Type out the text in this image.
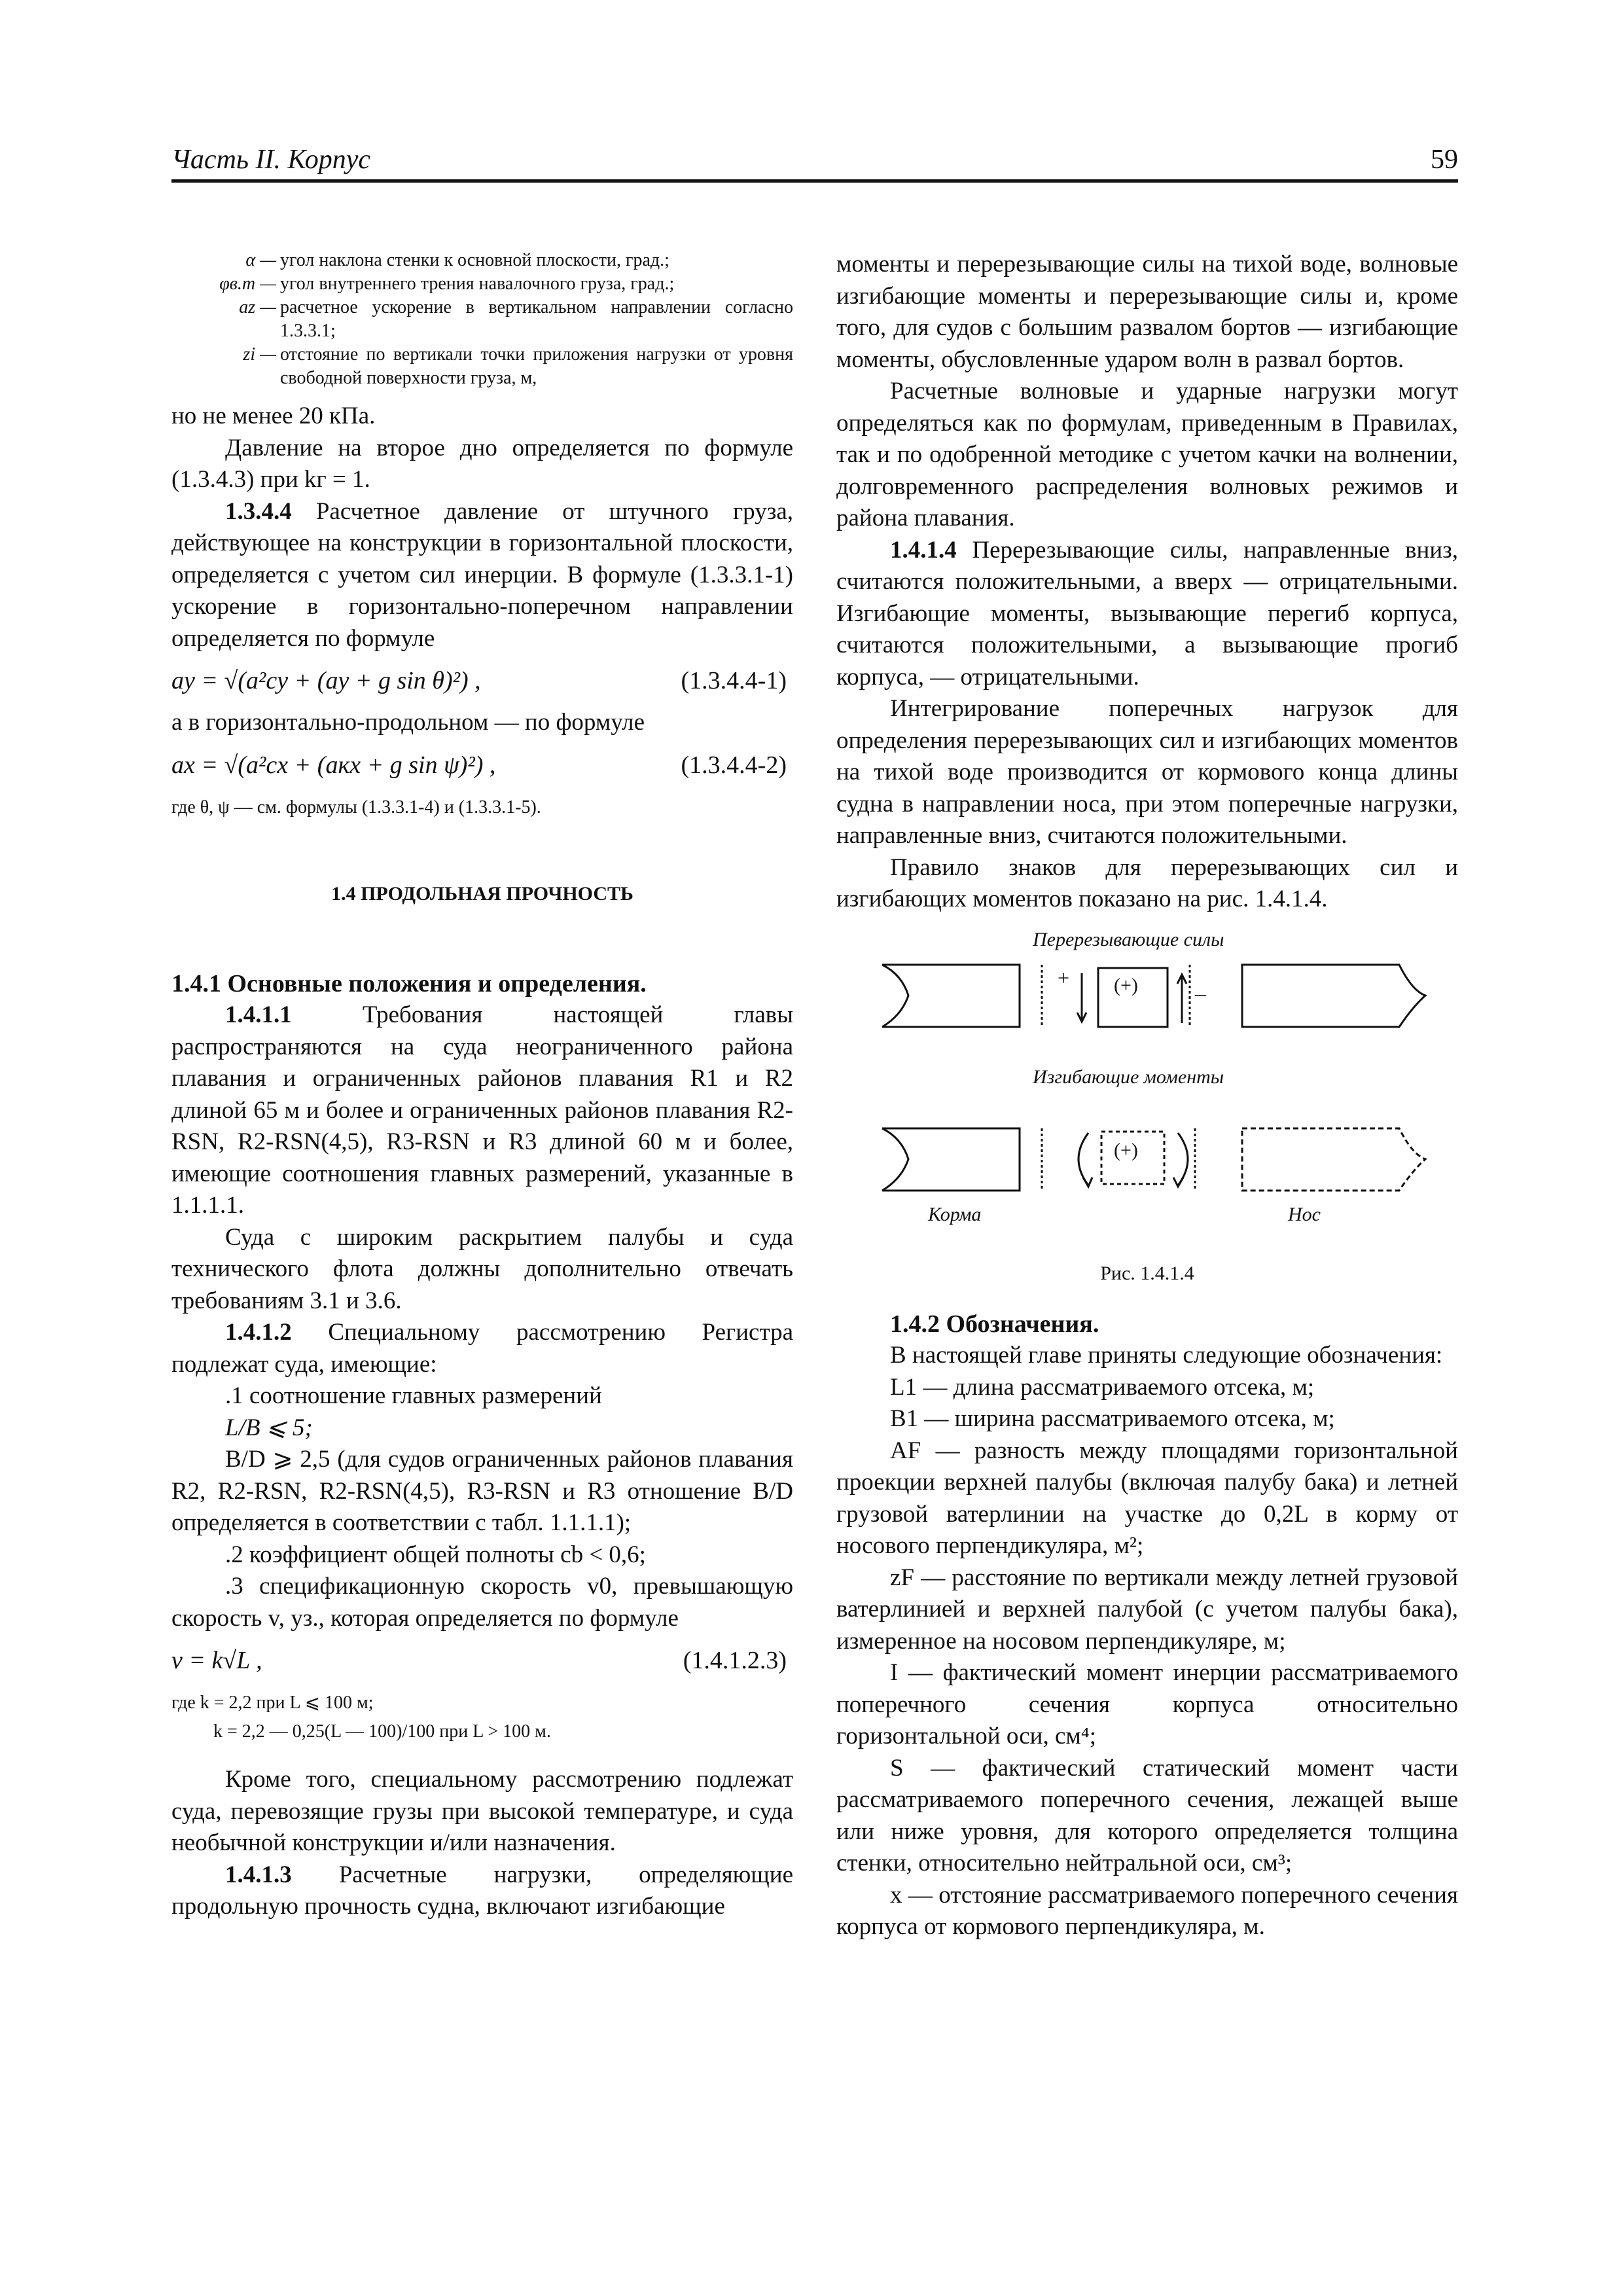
Часть II. Корпус	59
α — угол наклона стенки к основной плоскости, град.;
φв.т — угол внутреннего трения навалочного груза, град.;
az — расчетное ускорение в вертикальном направлении согласно 1.3.3.1;
zi — отстояние по вертикали точки приложения нагрузки от уровня свободной поверхности груза, м,

но не менее 20 кПа.

Давление на второе дно определяется по формуле (1.3.4.3) при kг = 1.

1.3.4.4 Расчетное давление от штучного груза, действующее на конструкции в горизонтальной плоскости, определяется с учетом сил инерции. В формуле (1.3.3.1-1) ускорение в горизонтально-поперечном направлении определяется по формуле

ay = √(a²cy + (ay + g sin θ)²) ,	(1.3.4.4-1)

а в горизонтально-продольном — по формуле

ax = √(a²cx + (aкx + g sin ψ)²) ,	(1.3.4.4-2)
где θ, ψ — см. формулы (1.3.3.1-4) и (1.3.3.1-5).
1.4 ПРОДОЛЬНАЯ ПРОЧНОСТЬ

1.4.1 Основные положения и определения.

1.4.1.1 Требования настоящей главы распространяются на суда неограниченного района плавания и ограниченных районов плавания R1 и R2 длиной 65 м и более и ограниченных районов плавания R2-RSN, R2-RSN(4,5), R3-RSN и R3 длиной 60 м и более, имеющие соотношения главных размерений, указанные в 1.1.1.1.

Суда с широким раскрытием палубы и суда технического флота должны дополнительно отвечать требованиям 3.1 и 3.6.

1.4.1.2 Специальному рассмотрению Регистра подлежат суда, имеющие:

.1 соотношение главных размерений

L/B ⩽ 5;

B/D ⩾ 2,5 (для судов ограниченных районов плавания R2, R2-RSN, R2-RSN(4,5), R3-RSN и R3 отношение B/D определяется в соответствии с табл. 1.1.1.1);

.2 коэффициент общей полноты cb < 0,6;

.3 спецификационную скорость v0, превышающую скорость v, уз., которая определяется по формуле

v = k√L ,	(1.4.1.2.3)
где k = 2,2 при L ⩽ 100 м;
k = 2,2 — 0,25(L — 100)/100 при L > 100 м.

Кроме того, специальному рассмотрению подлежат суда, перевозящие грузы при высокой температуре, и суда необычной конструкции и/или назначения.

1.4.1.3 Расчетные нагрузки, определяющие продольную прочность судна, включают изгибающие

моменты и перерезывающие силы на тихой воде, волновые изгибающие моменты и перерезывающие силы и, кроме того, для судов с большим развалом бортов — изгибающие моменты, обусловленные ударом волн в развал бортов.

Расчетные волновые и ударные нагрузки могут определяться как по формулам, приведенным в Правилах, так и по одобренной методике с учетом качки на волнении, долговременного распределения волновых режимов и района плавания.

1.4.1.4 Перерезывающие силы, направленные вниз, считаются положительными, а вверх — отрицательными. Изгибающие моменты, вызывающие перегиб корпуса, считаются положительными, а вызывающие прогиб корпуса, — отрицательными.

Интегрирование поперечных нагрузок для определения перерезывающих сил и изгибающих моментов на тихой воде производится от кормового конца длины судна в направлении носа, при этом поперечные нагрузки, направленные вниз, считаются положительными.

Правило знаков для перерезывающих сил и изгибающих моментов показано на рис. 1.4.1.4.

Перерезывающие силы
+
–
(+)
Изгибающие моменты
(+)
Корма	Нос
Рис. 1.4.1.4

1.4.2 Обозначения.

В настоящей главе приняты следующие обозначения:

L1 — длина рассматриваемого отсека, м;

B1 — ширина рассматриваемого отсека, м;

AF — разность между площадями горизонтальной проекции верхней палубы (включая палубу бака) и летней грузовой ватерлинии на участке до 0,2L в корму от носового перпендикуляра, м²;

zF — расстояние по вертикали между летней грузовой ватерлинией и верхней палубой (с учетом палубы бака), измеренное на носовом перпендикуляре, м;

I — фактический момент инерции рассматриваемого поперечного сечения корпуса относительно горизонтальной оси, см⁴;

S — фактический статический момент части рассматриваемого поперечного сечения, лежащей выше или ниже уровня, для которого определяется толщина стенки, относительно нейтральной оси, см³;

x — отстояние рассматриваемого поперечного сечения корпуса от кормового перпендикуляра, м.
